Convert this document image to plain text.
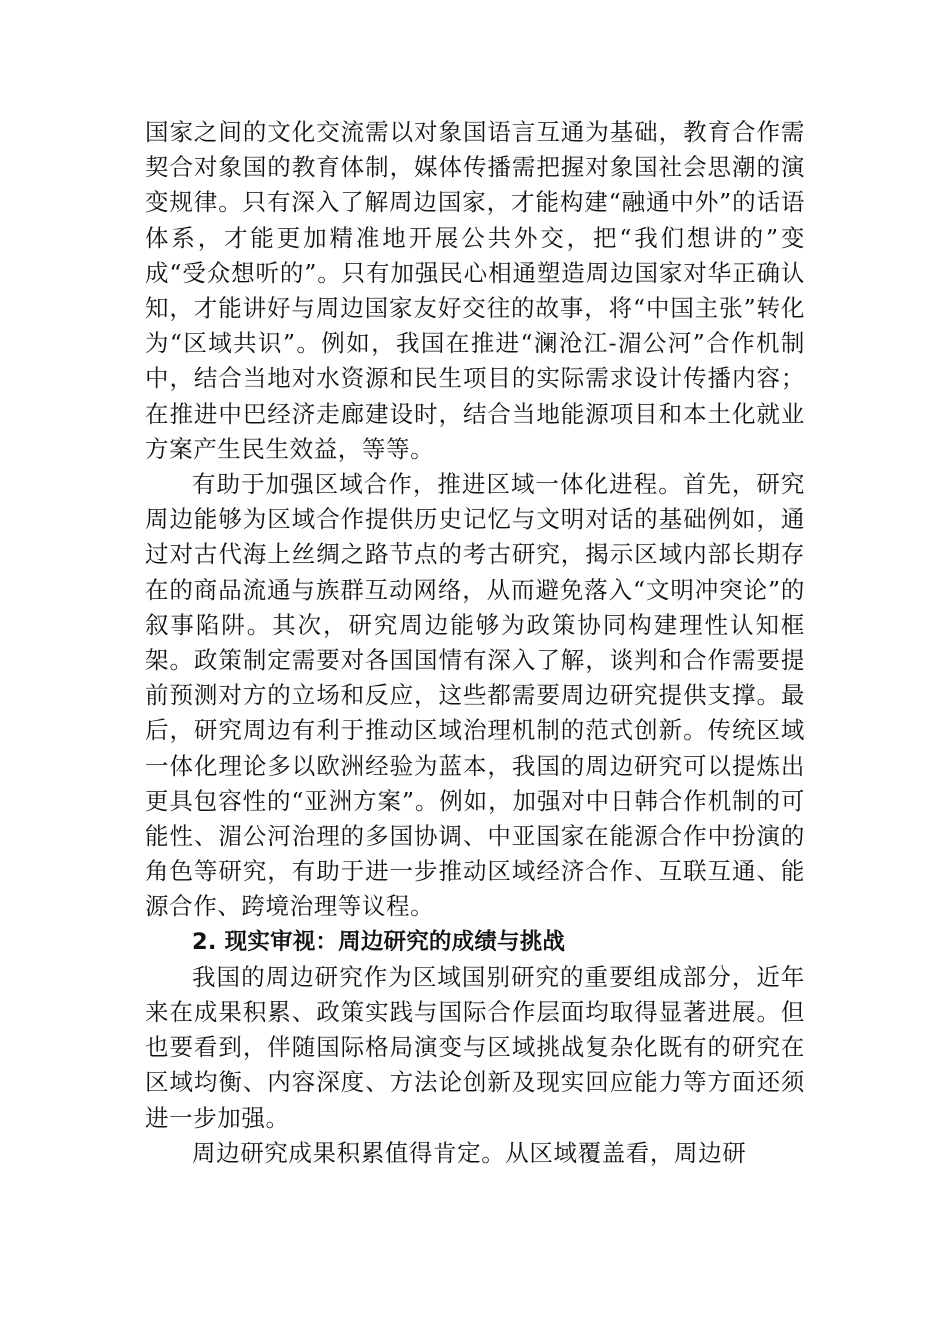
国家之间的文化交流需以对象国语言互通为基础，教育合作需契合对象国的教育体制，媒体传播需把握对象国社会思潮的演变规律。只有深入了解周边国家，才能构建“融通中外”的话语体系，才能更加精准地开展公共外交，把“我们想讲的”变成“受众想听的”。只有加强民心相通塑造周边国家对华正确认知，才能讲好与周边国家友好交往的故事，将“中国主张”转化为“区域共识”。例如，我国在推进“澜沧江-湄公河”合作机制中，结合当地对水资源和民生项目的实际需求设计传播内容；在推进中巴经济走廊建设时，结合当地能源项目和本土化就业方案产生民生效益，等等。

有助于加强区域合作，推进区域一体化进程。首先，研究周边能够为区域合作提供历史记忆与文明对话的基础例如，通过对古代海上丝绸之路节点的考古研究，揭示区域内部长期存在的商品流通与族群互动网络，从而避免落入“文明冲突论”的叙事陷阱。其次，研究周边能够为政策协同构建理性认知框架。政策制定需要对各国国情有深入了解，谈判和合作需要提前预测对方的立场和反应，这些都需要周边研究提供支撑。最后，研究周边有利于推动区域治理机制的范式创新。传统区域一体化理论多以欧洲经验为蓝本，我国的周边研究可以提炼出更具包容性的“亚洲方案”。例如，加强对中日韩合作机制的可能性、湄公河治理的多国协调、中亚国家在能源合作中扮演的角色等研究，有助于进一步推动区域经济合作、互联互通、能源合作、跨境治理等议程。

2. 现实审视：周边研究的成绩与挑战

我国的周边研究作为区域国别研究的重要组成部分，近年来在成果积累、政策实践与国际合作层面均取得显著进展。但也要看到，伴随国际格局演变与区域挑战复杂化既有的研究在区域均衡、内容深度、方法论创新及现实回应能力等方面还须进一步加强。

周边研究成果积累值得肯定。从区域覆盖看，周边研
